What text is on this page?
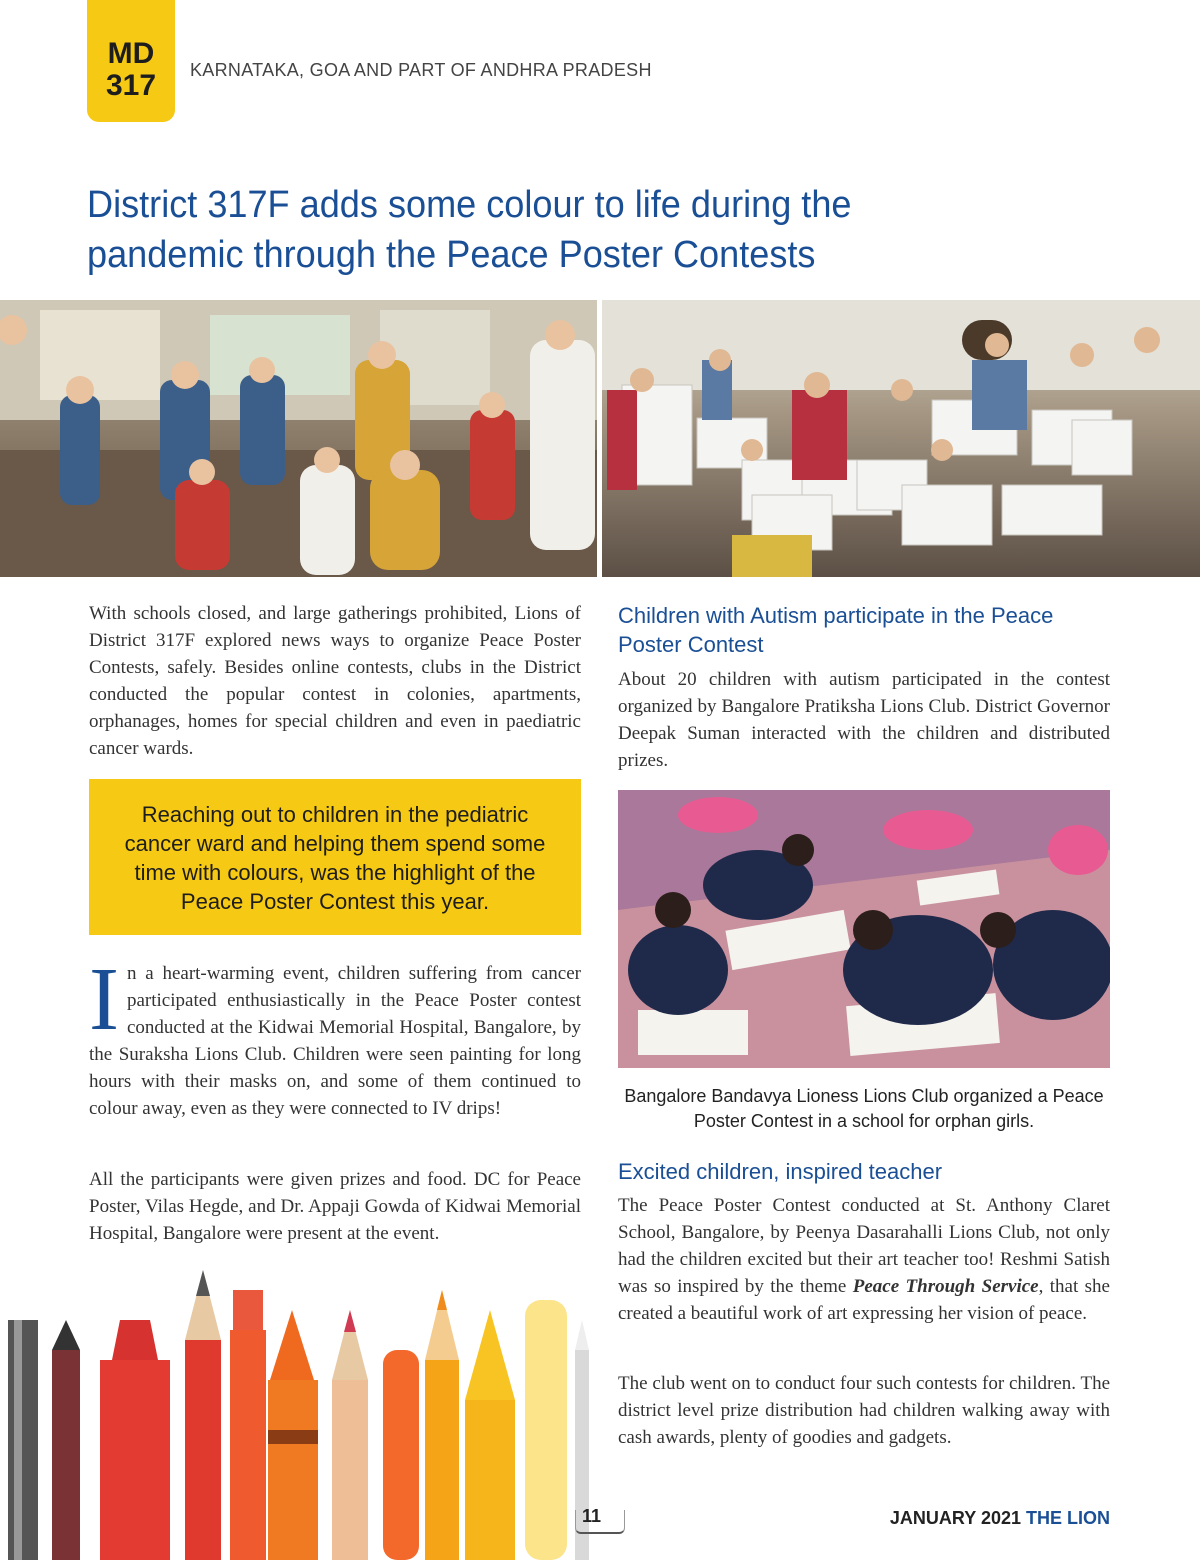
MD
317	KARNATAKA, GOA AND PART OF ANDHRA PRADESH
District 317F adds some colour to life during the pandemic through the Peace Poster Contests

With schools closed, and large gatherings prohibited, Lions of District 317F explored news ways to organize Peace Poster Contests, safely. Besides online contests, clubs in the District conducted the popular contest in colonies, apartments, orphanages, homes for special children and even in paediatric cancer wards.

Reaching out to children in the pediatric cancer ward and helping them spend some time with colours, was the highlight of the Peace Poster Contest this year.
In a heart-warming event, children suffering from cancer participated enthusiastically in the Peace Poster contest conducted at the Kidwai Memorial Hospital, Bangalore, by the Suraksha Lions Club. Children were seen painting for long hours with their masks on, and some of them continued to colour away, even as they were connected to IV drips!

All the participants were given prizes and food. DC for Peace Poster, Vilas Hegde, and Dr. Appaji Gowda of Kidwai Memorial Hospital, Bangalore were present at the event.

Children with Autism participate in the Peace Poster Contest

About 20 children with autism participated in the contest organized by Bangalore Pratiksha Lions Club. District Governor Deepak Suman interacted with the children and distributed prizes.

Bangalore Bandavya Lioness Lions Club organized a Peace Poster Contest in a school for orphan girls.
Excited children, inspired teacher

The Peace Poster Contest conducted at St. Anthony Claret School, Bangalore, by Peenya Dasarahalli Lions Club, not only had the children excited but their art teacher too! Reshmi Satish was so inspired by the theme Peace Through Service, that she created a beautiful work of art expressing her vision of peace.

The club went on to conduct four such contests for children. The district level prize distribution had children walking away with cash awards, plenty of goodies and gadgets.

11	JANUARY 2021 THE LION
